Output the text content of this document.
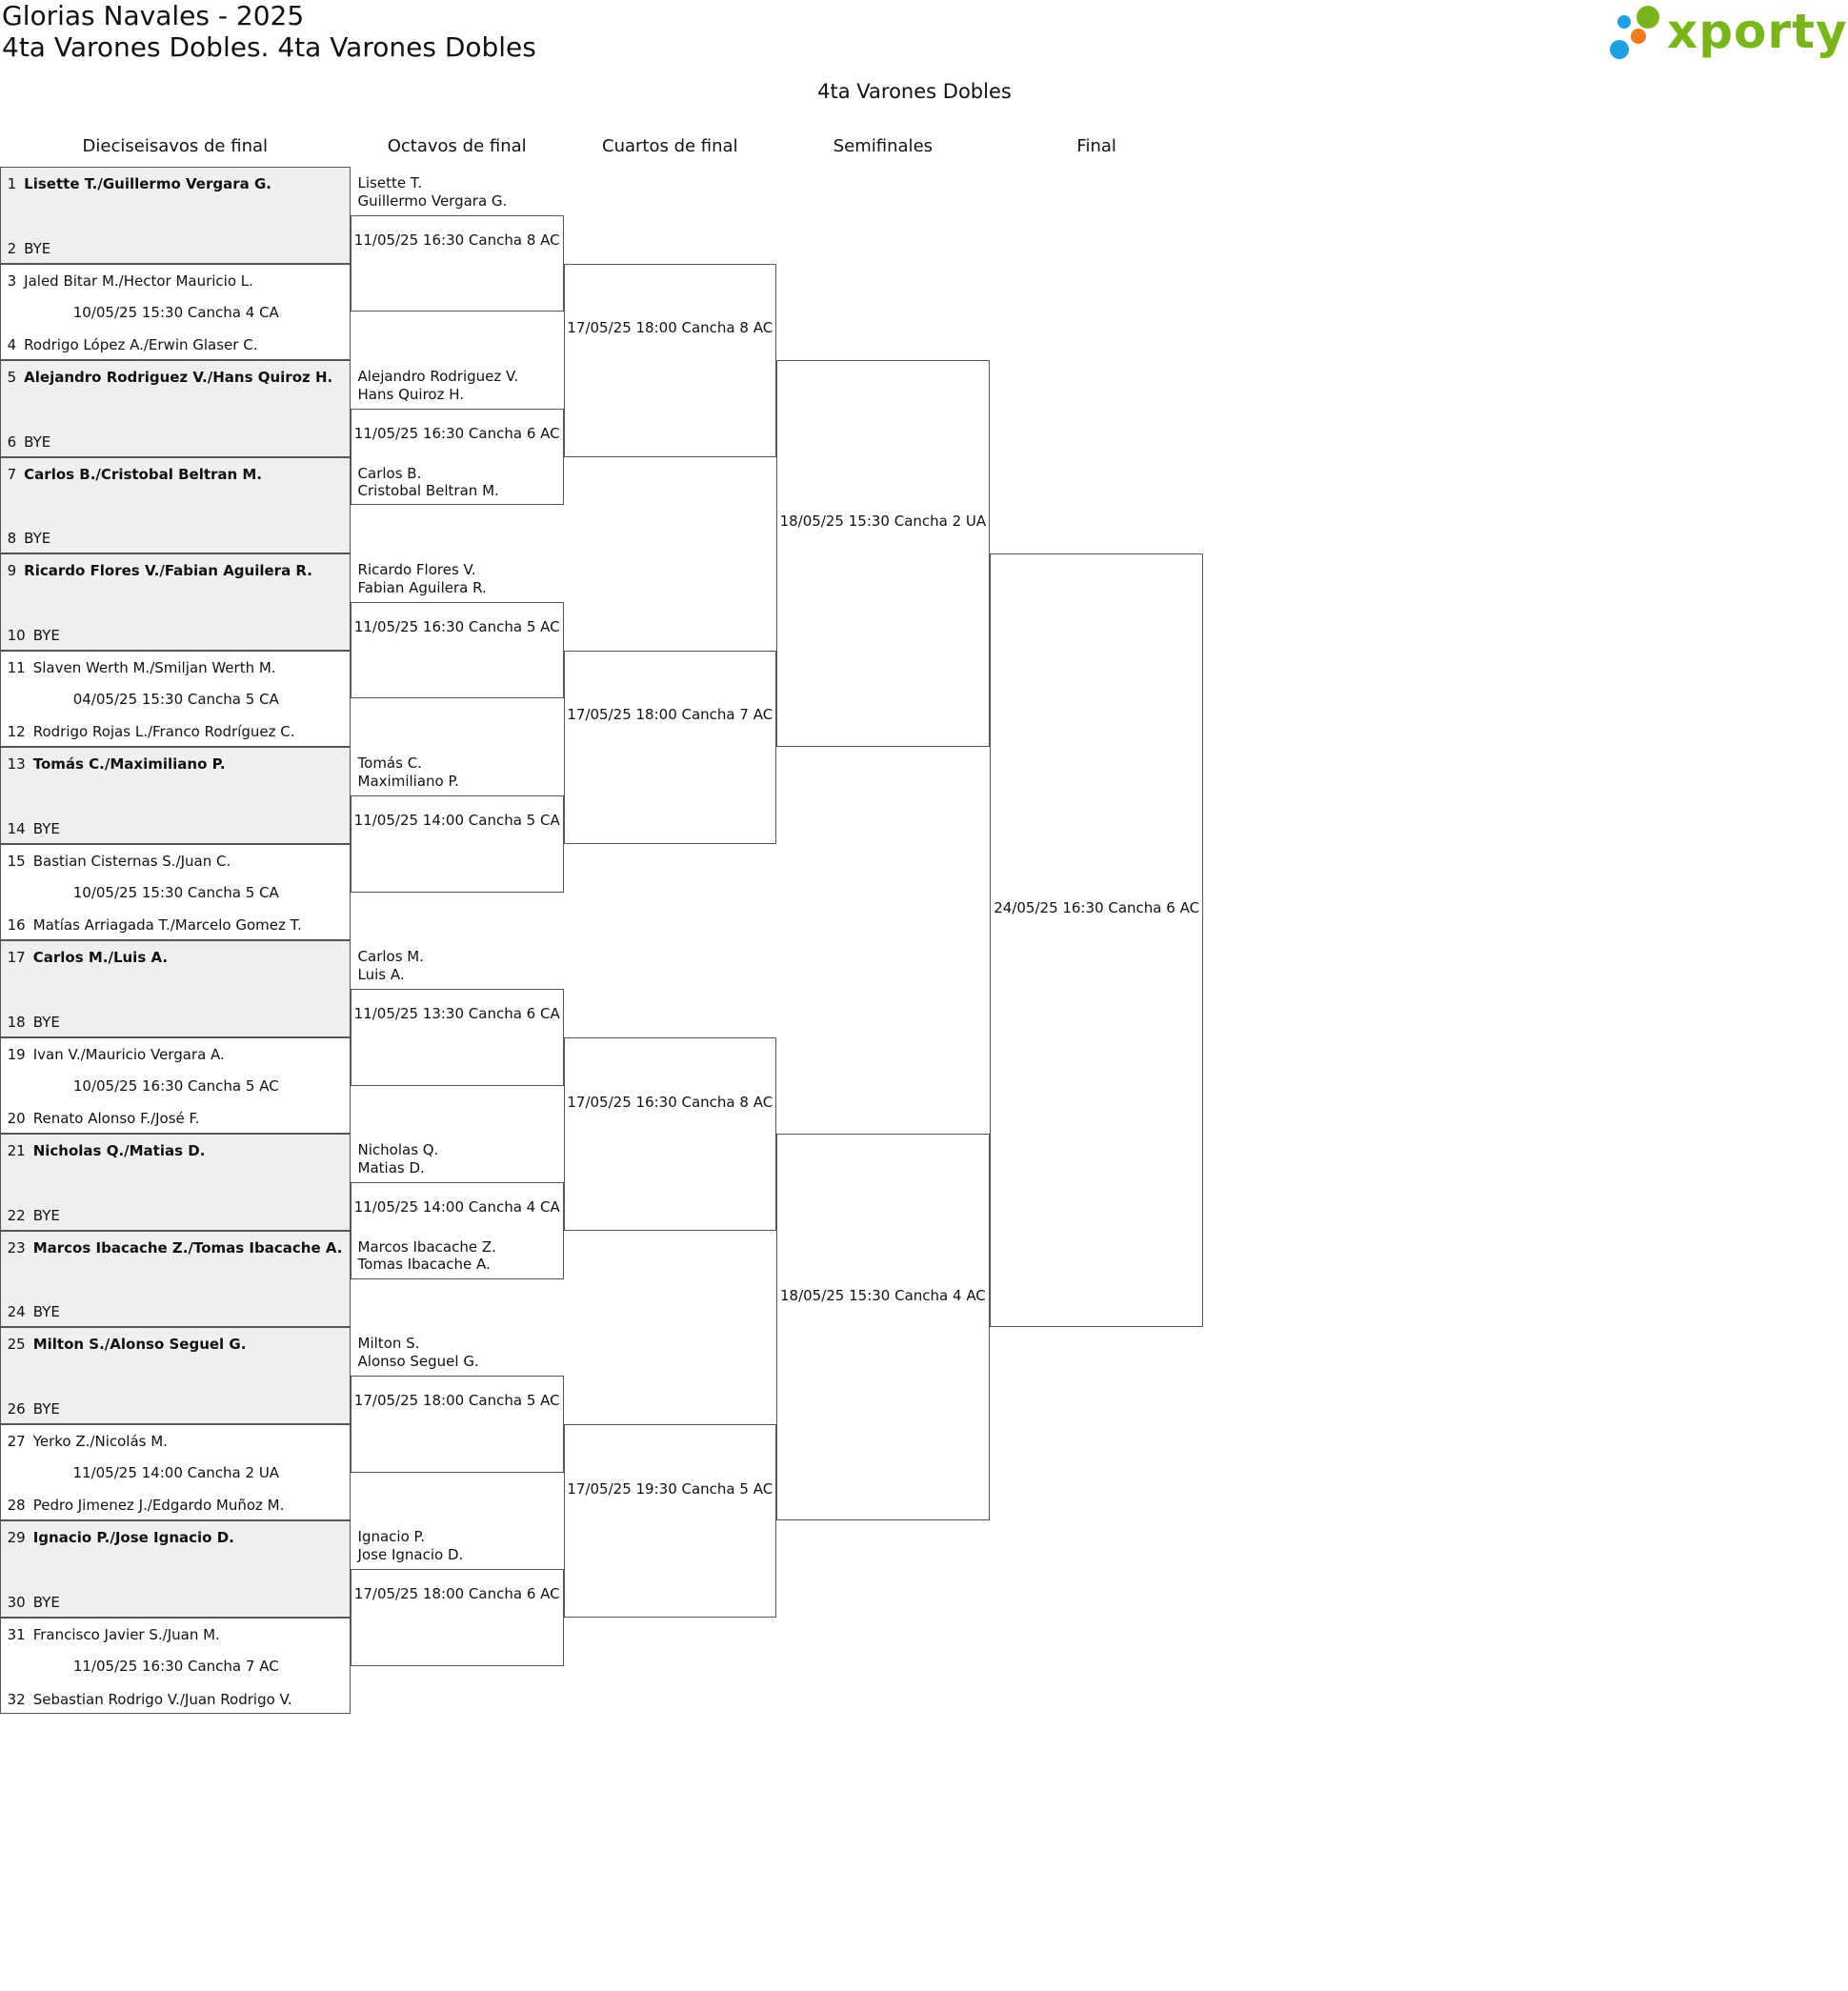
Glorias Navales - 2025
4ta Varones Dobles. 4ta Varones Dobles	xporty
4ta Varones Dobles
Dieciseisavos de final	Octavos de final	Cuartos de final	Semifinales	Final
1 Lisette T./Guillermo Vergara G.
2 BYE
3 Jaled Bitar M./Hector Mauricio L.
10/05/25 15:30 Cancha 4 CA
4 Rodrigo López A./Erwin Glaser C.
5 Alejandro Rodriguez V./Hans Quiroz H.
6 BYE
7 Carlos B./Cristobal Beltran M.
8 BYE
9 Ricardo Flores V./Fabian Aguilera R.
10 BYE
11 Slaven Werth M./Smiljan Werth M.
04/05/25 15:30 Cancha 5 CA
12 Rodrigo Rojas L./Franco Rodríguez C.
13 Tomás C./Maximiliano P.
14 BYE
15 Bastian Cisternas S./Juan C.
10/05/25 15:30 Cancha 5 CA
16 Matías Arriagada T./Marcelo Gomez T.
17 Carlos M./Luis A.
18 BYE
19 Ivan V./Mauricio Vergara A.
10/05/25 16:30 Cancha 5 AC
20 Renato Alonso F./José F.
21 Nicholas Q./Matias D.
22 BYE
23 Marcos Ibacache Z./Tomas Ibacache A.
24 BYE
25 Milton S./Alonso Seguel G.
26 BYE
27 Yerko Z./Nicolás M.
11/05/25 14:00 Cancha 2 UA
28 Pedro Jimenez J./Edgardo Muñoz M.
29 Ignacio P./Jose Ignacio D.
30 BYE
31 Francisco Javier S./Juan M.
11/05/25 16:30 Cancha 7 AC
32 Sebastian Rodrigo V./Juan Rodrigo V.
11/05/25 16:30 Cancha 8 AC
11/05/25 16:30 Cancha 6 AC
11/05/25 16:30 Cancha 5 AC
11/05/25 14:00 Cancha 5 CA
11/05/25 13:30 Cancha 6 CA
11/05/25 14:00 Cancha 4 CA
17/05/25 18:00 Cancha 5 AC
17/05/25 18:00 Cancha 6 AC
Lisette T.
Guillermo Vergara G.
Alejandro Rodriguez V.
Hans Quiroz H.
Carlos B.
Cristobal Beltran M.
Ricardo Flores V.
Fabian Aguilera R.
Tomás C.
Maximiliano P.
Carlos M.
Luis A.
Nicholas Q.
Matias D.
Marcos Ibacache Z.
Tomas Ibacache A.
Milton S.
Alonso Seguel G.
Ignacio P.
Jose Ignacio D.
17/05/25 18:00 Cancha 8 AC
17/05/25 18:00 Cancha 7 AC
17/05/25 16:30 Cancha 8 AC
17/05/25 19:30 Cancha 5 AC
18/05/25 15:30 Cancha 2 UA
18/05/25 15:30 Cancha 4 AC
24/05/25 16:30 Cancha 6 AC
